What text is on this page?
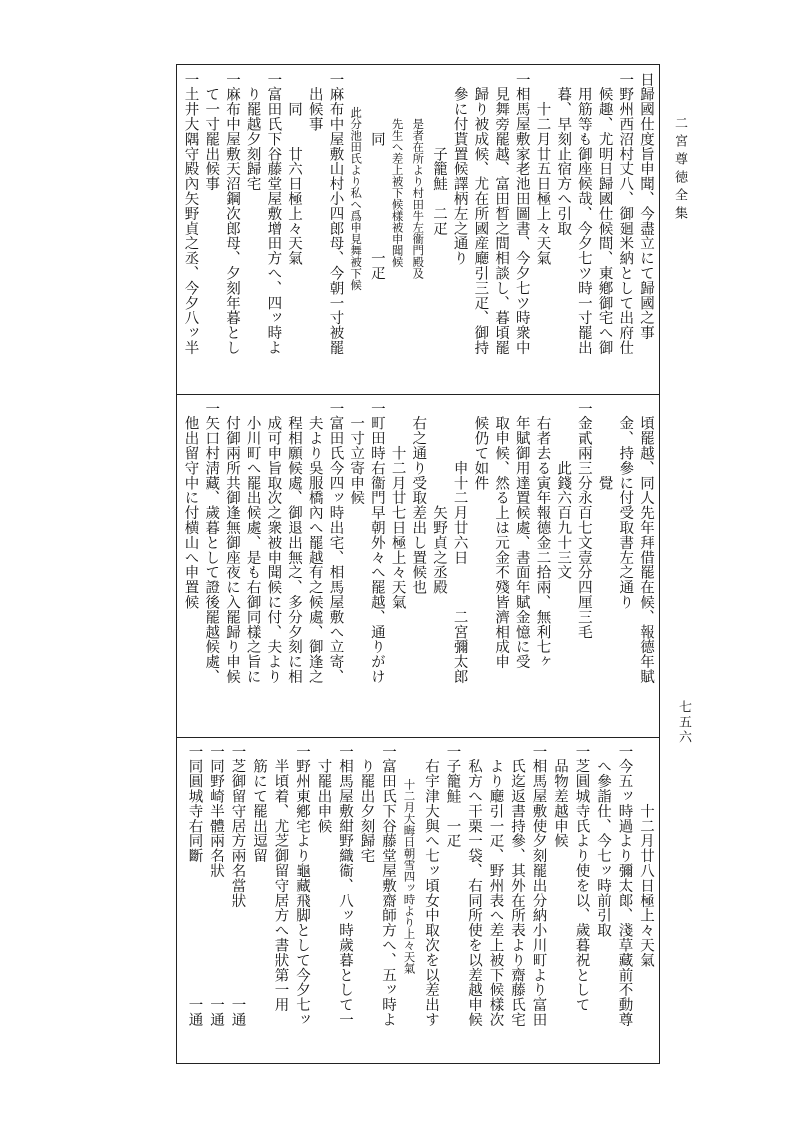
二宮尊徳全集
七五六
日歸國仕度旨申聞、今盡立にて歸國之事
一野州西沼村丈八、御廻米納として出府仕
　候趣、尤明日歸國仕候間、東鄕御宅へ御
　用筋等も御座候哉、今夕七ツ時一寸罷出
　暮、早刻止宿方へ引取
　　十二月廿五日極上々天氣
一相馬屋敷家老池田圖書、今夕七ツ時衆中
　見舞旁罷越、富田晳之間相談し、暮頃罷
　歸り被成候、尤在所國産廰引三疋、御持
　參に付貰置候譯柄左之通り
　　　　　子籠鮭　二疋
　　　　是者在所より村田牛左衞門殿及
　　　　先生へ差上被下候樣被申聞候
　　　　同　　　　　　　一疋
　　　此分池田氏より私へ爲申見舞被下候
一麻布中屋敷山村小四郎母、今朝一寸被罷
　出候事
　　同　　廿六日極上々天氣
一富田氏下谷藤堂屋敷增田方へ、四ッ時よ
　り罷越夕刻歸宅
一麻布中屋敷天沼鋼次郎母、夕刻年暮とし
　て一寸罷出候事
一土井大隅守殿內矢野貞之丞、今夕八ッ半
　頃罷越、同人先年拜借罷在候、報德年賦
　金、持參に付受取書左之通り
　　　　　覺
一金貳兩三分永百七文壹分四厘三毛
　　　　此錢六百九十三文
　右者去る寅年報德金二拾兩、無利七ヶ
　年賦御用達置候處、書面年賦金憶に受
　取申候、然る上は元金不殘皆濟相成申
　候仍て如件
　　　　申十二月廿六日　　　二宮彌太郎
　　　　　　　矢野貞之丞殿
　右之通り受取差出し置候也
　　　十二月廿七日極上々天氣
一町田時右衞門早朝外々へ罷越、通りがけ
　一寸立寄申候
一富田氏今四ッ時出宅、相馬屋敷へ立寄、
　夫より吳服橋內へ罷越有之候處、御逢之
　程相願候處、御退出無之、多分夕刻に相
　成可申旨取次之衆被申聞候に付、夫より
　小川町へ罷出候處、是も右御同樣之旨に
　付御兩所共御逢無御座夜に入罷歸り申候
一矢口村淸藏、歲暮として證後罷越候處、
　他出留守中に付横山へ申置候
　　　　十二月廿八日極上々天氣
一今五ッ時過より彌太郞、淺草藏前不動尊
　へ參詣仕、今七ッ時前引取
一芝圓城寺氏より使を以、歲暮祝として
　品物差越申候
一相馬屋敷使夕刻罷出分納小川町より富田
　氏迄返書持參、其外在所表より齋藤氏宅
　より廰引一疋、野州表へ差上被下候樣次
　私方へ干栗一袋、右同所使を以差越申候
一子籠鮭　一疋
　右宇津大與へ七ッ頃女中取次を以差出す
　　　十二月大晦日朝雪四ッ時より上々天氣
一富田氏下谷藤堂屋敷齋師方へ、五ッ時よ
　り罷出夕刻歸宅
一相馬屋敷紺野織衞、八ッ時歲暮として一
　寸罷出申候
一野州東鄕宅より龜藏飛脚として今夕七ッ
　半頃着、尤芝御留守居方へ書狀第一用
　筋にて罷出逗留
一芝御留守居方兩名當狀　　　　　　一通
一同野崎半體兩名狀　　　　　　　　一通
一同圓城寺右同斷　　　　　　　　　一通
